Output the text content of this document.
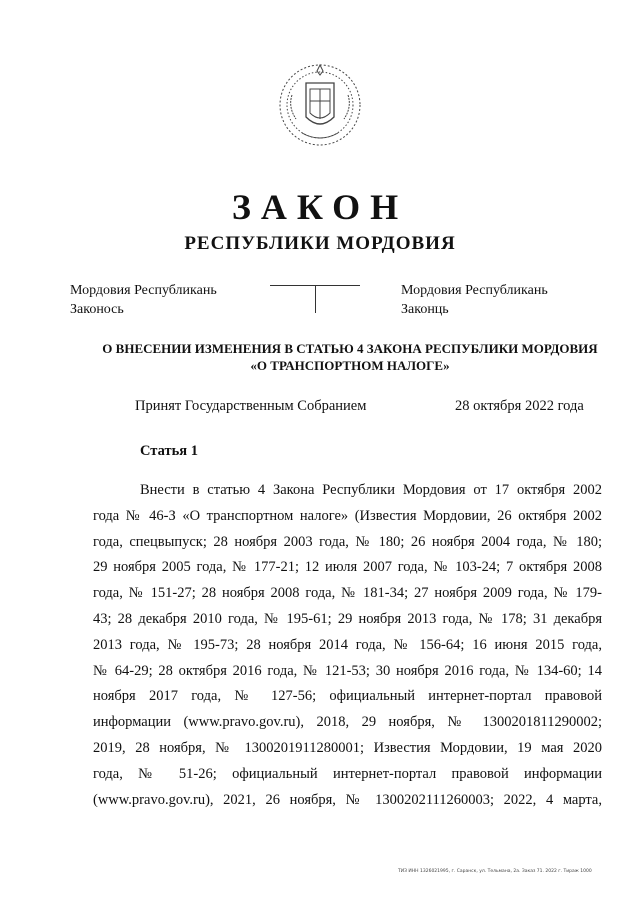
ЗАКОН
РЕСПУБЛИКИ МОРДОВИЯ
Мордовия Республикань
Законось
Мордовия Республикань
Законць
О ВНЕСЕНИИ ИЗМЕНЕНИЯ В СТАТЬЮ 4 ЗАКОНА РЕСПУБЛИКИ МОРДОВИЯ
«О ТРАНСПОРТНОМ НАЛОГЕ»
Принят Государственным Собранием	28 октября 2022 года
Статья 1
Внести в статью 4 Закона Республики Мордовия от 17 октября 2002
года № 46-З «О транспортном налоге» (Известия Мордовии, 26 октября 2002
года, спецвыпуск; 28 ноября 2003 года, № 180; 26 ноября 2004 года, № 180;
29 ноября 2005 года, № 177-21; 12 июля 2007 года, № 103-24; 7 октября 2008
года, № 151-27; 28 ноября 2008 года, № 181-34; 27 ноября 2009 года, № 179-
43; 28 декабря 2010 года, № 195-61; 29 ноября 2013 года, № 178; 31 декабря
2013 года, № 195-73; 28 ноября 2014 года, № 156-64; 16 июня 2015 года,
№ 64-29; 28 октября 2016 года, № 121-53; 30 ноября 2016 года, № 134-60; 14
ноября 2017 года, № 127-56; официальный интернет-портал правовой
информации (www.pravo.gov.ru), 2018, 29 ноября, № 1300201811290002;
2019, 28 ноября, № 1300201911280001; Известия Мордовии, 19 мая 2020
года, № 51-26; официальный интернет-портал правовой информации
(www.pravo.gov.ru), 2021, 26 ноября, № 1300202111260003; 2022, 4 марта,
ТИЗ ИНН 1326021995, г. Саранск, ул. Тельмана, 2а. Заказ 71. 2022 г. Тираж 1000
